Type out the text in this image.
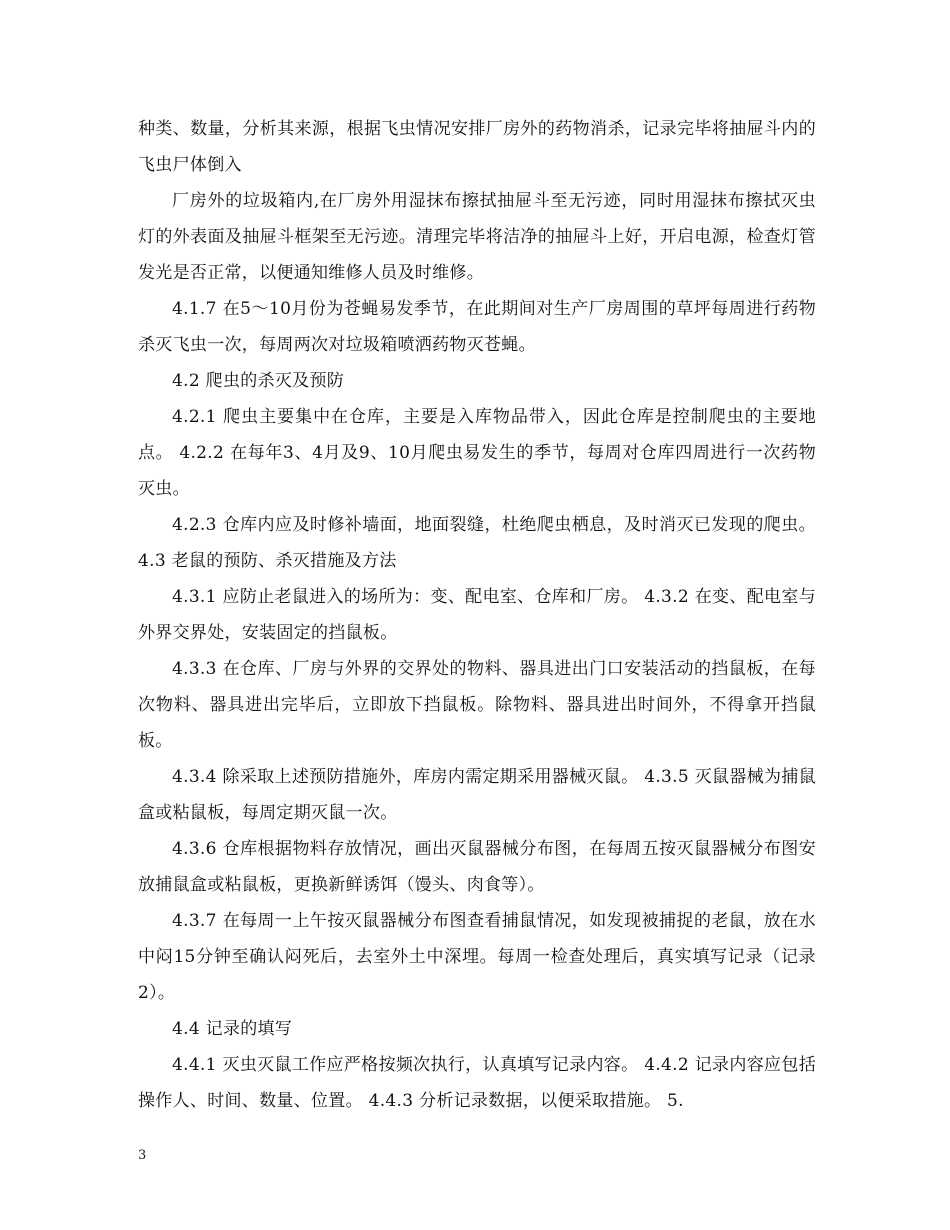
种类、数量，分析其来源，根据飞虫情况安排厂房外的药物消杀，记录完毕将抽屉斗内的飞虫尸体倒入

厂房外的垃圾箱内,在厂房外用湿抹布擦拭抽屉斗至无污迹，同时用湿抹布擦拭灭虫灯的外表面及抽屉斗框架至无污迹。清理完毕将洁净的抽屉斗上好，开启电源，检查灯管发光是否正常，以便通知维修人员及时维修。

4.1.7 在5～10月份为苍蝇易发季节，在此期间对生产厂房周围的草坪每周进行药物杀灭飞虫一次，每周两次对垃圾箱喷洒药物灭苍蝇。

4.2 爬虫的杀灭及预防

4.2.1 爬虫主要集中在仓库，主要是入库物品带入，因此仓库是控制爬虫的主要地点。 4.2.2 在每年3、4月及9、10月爬虫易发生的季节，每周对仓库四周进行一次药物灭虫。

4.2.3 仓库内应及时修补墙面，地面裂缝，杜绝爬虫栖息，及时消灭已发现的爬虫。 4.3 老鼠的预防、杀灭措施及方法

4.3.1 应防止老鼠进入的场所为：变、配电室、仓库和厂房。 4.3.2 在变、配电室与外界交界处，安装固定的挡鼠板。

4.3.3 在仓库、厂房与外界的交界处的物料、器具进出门口安装活动的挡鼠板，在每次物料、器具进出完毕后，立即放下挡鼠板。除物料、器具进出时间外，不得拿开挡鼠板。

4.3.4 除采取上述预防措施外，库房内需定期采用器械灭鼠。 4.3.5 灭鼠器械为捕鼠盒或粘鼠板，每周定期灭鼠一次。

4.3.6 仓库根据物料存放情况，画出灭鼠器械分布图，在每周五按灭鼠器械分布图安放捕鼠盒或粘鼠板，更换新鲜诱饵（馒头、肉食等）。

4.3.7 在每周一上午按灭鼠器械分布图查看捕鼠情况，如发现被捕捉的老鼠，放在水中闷15分钟至确认闷死后，去室外土中深埋。每周一检查处理后，真实填写记录（记录2）。

4.4 记录的填写

4.4.1 灭虫灭鼠工作应严格按频次执行，认真填写记录内容。 4.4.2 记录内容应包括操作人、时间、数量、位置。 4.4.3 分析记录数据，以便采取措施。 5.

3
